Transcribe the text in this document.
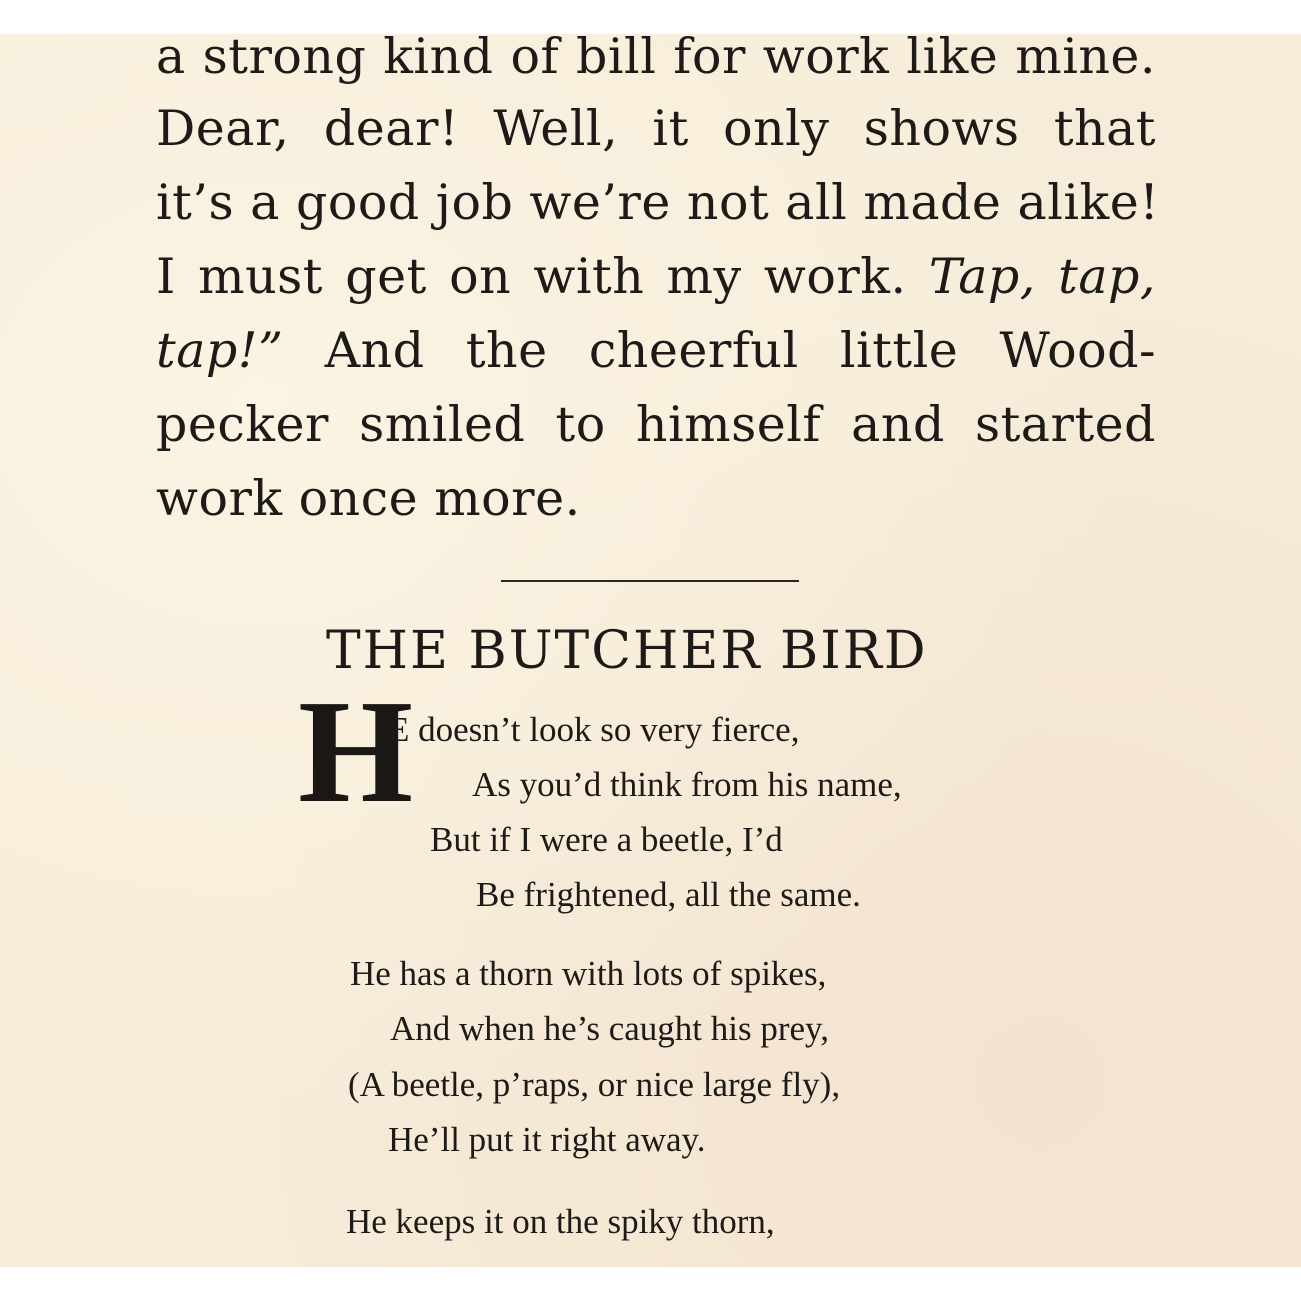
a strong kind of bill for work like mine.
Dear, dear! Well, it only shows that
it’s a good job we’re not all made alike!
I must get on with my work. Tap, tap,
tap!” And the cheerful little Wood-
pecker smiled to himself and started
work once more.
THE BUTCHER BIRD
H
E doesn’t look so very fierce,
As you’d think from his name,
But if I were a beetle, I’d
Be frightened, all the same.
He has a thorn with lots of spikes,
And when he’s caught his prey,
(A beetle, p’raps, or nice large fly),
He’ll put it right away.
He keeps it on the spiky thorn,
